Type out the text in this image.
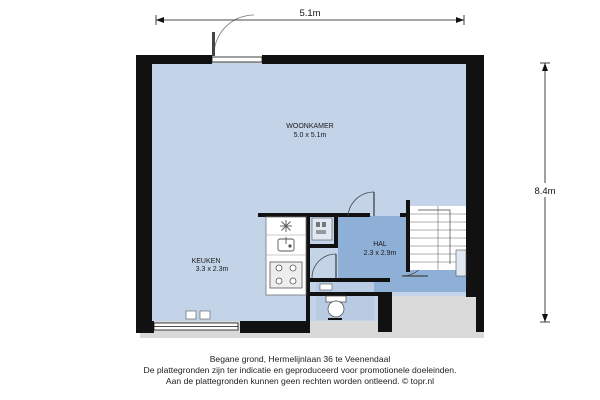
WOONKAMER
5.0 x 5.1m
KEUKEN
3.3 x 2.3m
HAL
2.3 x 2.9m
5.1m
8.4m
Begane grond, Hermelijnlaan 36 te Veenendaal
De plattegronden zijn ter indicatie en geproduceerd voor promotionele doeleinden.
Aan de plattegronden kunnen geen rechten worden ontleend. © topr.nl
